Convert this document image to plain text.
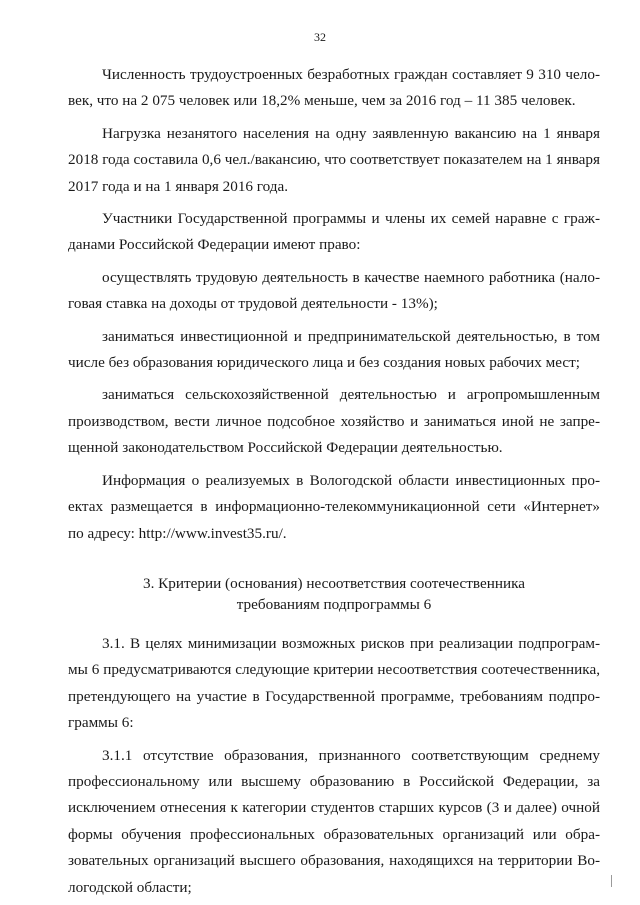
32

Численность трудоустроенных безработных граждан составляет 9 310 человек, что на 2 075 человек или 18,2% меньше, чем за 2016 год – 11 385 человек.

Нагрузка незанятого населения на одну заявленную вакансию на 1 января 2018 года составила 0,6 чел./вакансию, что соответствует показателем на 1 января 2017 года и на 1 января 2016 года.

Участники Государственной программы и члены их семей наравне с гражданами Российской Федерации имеют право:

осуществлять трудовую деятельность в качестве наемного работника (налоговая ставка на доходы от трудовой деятельности - 13%);

заниматься инвестиционной и предпринимательской деятельностью, в том числе без образования юридического лица и без создания новых рабочих мест;

заниматься сельскохозяйственной деятельностью и агропромышленным производством, вести личное подсобное хозяйство и заниматься иной не запрещенной законодательством Российской Федерации деятельностью.

Информация о реализуемых в Вологодской области инвестиционных проектах размещается в информационно-телекоммуникационной сети «Интернет» по адресу: http://www.invest35.ru/.

3. Критерии (основания) несоответствия соотечественника
требованиям подпрограммы 6

3.1. В целях минимизации возможных рисков при реализации подпрограммы 6 предусматриваются следующие критерии несоответствия соотечественника, претендующего на участие в Государственной программе, требованиям подпрограммы 6:

3.1.1 отсутствие образования, признанного соответствующим среднему профессиональному или высшему образованию в Российской Федерации, за исключением отнесения к категории студентов старших курсов (3 и далее) очной формы обучения профессиональных образовательных организаций или образовательных организаций высшего образования, находящихся на территории Вологодской области;
